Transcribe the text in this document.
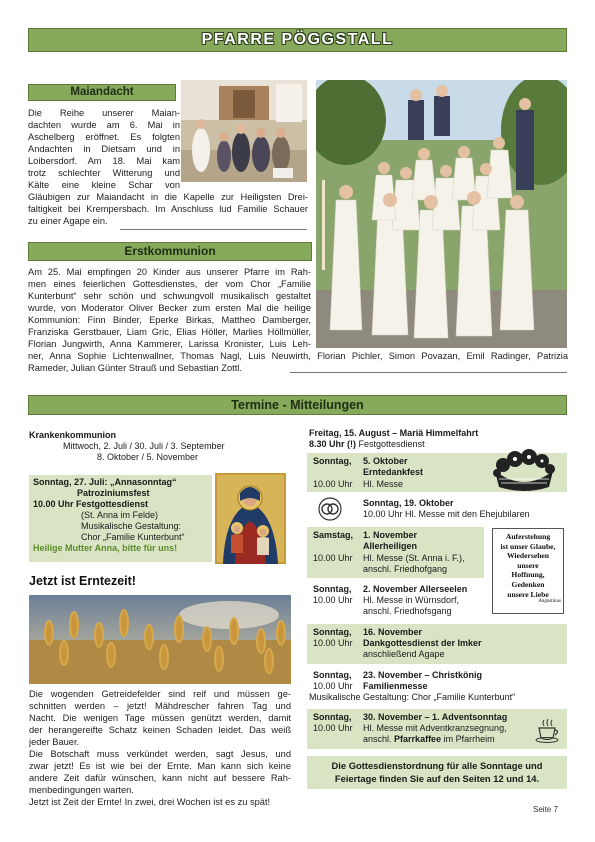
PFARRE PÖGGSTALL
Maiandacht
Die Reihe unserer Maian-
dachten wurde am 6. Mai in
Aschelberg eröffnet. Es folgten
Andachten in Dietsam und in
Loibersdorf. Am 18. Mai kam
trotz schlechter Witterung und
Kälte eine kleine Schar von
Gläubigen zur Maiandacht in die Kapelle zur Heiligsten Drei-
faltigkeit bei Krempersbach. Im Anschluss lud Familie Schauer
zu einer Agape ein.
Erstkommunion
Am 25. Mai empfingen 20 Kinder aus unserer Pfarre im Rah-
men eines feierlichen Gottesdienstes, der vom Chor „Familie
Kunterbunt“ sehr schön und schwungvoll musikalisch gestaltet
wurde, von Moderator Oliver Becker zum ersten Mal die heilige
Kommunion: Finn Binder, Eperke Birkas, Mattheo Damberger,
Franziska Gerstbauer, Liam Gric, Elias Höller, Marlies Höllmüller,
Florian Jungwirth, Anna Kammerer, Larissa Kronister, Luis Leh-
ner, Anna Sophie Lichtenwallner, Thomas Nagl, Luis Neuwirth, Florian Pichler, Simon Povazan, Emil Radinger, Patrizia
Rameder, Julian Günter Strauß und Sebastian Zottl.
Termine - Mitteilungen
Krankenkommunion
Mittwoch, 2. Juli / 30. Juli / 3. September
8. Oktober / 5. November
Sonntag, 27. Juli: „Annasonntag“
Patroziniumsfest
10.00 Uhr Festgottesdienst
(St. Anna im Felde)
Musikalische Gestaltung:
Chor „Familie Kunterbunt“
Heilige Mutter Anna, bitte für uns!
Jetzt ist Erntezeit!
Die wogenden Getreidefelder sind reif und müssen ge-
schnitten werden – jetzt! Mähdrescher fahren Tag und
Nacht. Die wenigen Tage müssen genützt werden, damit
der herangereifte Schatz keinen Schaden leidet. Das weiß
jeder Bauer.
Die Botschaft muss verkündet werden, sagt Jesus, und
zwar jetzt! Es ist wie bei der Ernte. Man kann sich keine
andere Zeit dafür wünschen, kann nicht auf bessere Rah-
menbedingungen warten.
Jetzt ist Zeit der Ernte! In zwei, drei Wochen ist es zu spät!
Freitag, 15. August – Mariä Himmelfahrt
8.30 Uhr (!) Festgottesdienst
Sonntag, 5. Oktober
Erntedankfest
10.00 Uhr Hl. Messe
Sonntag, 19. Oktober
10.00 Uhr Hl. Messe mit den Ehejubilaren
Samstag, 1. November
Allerheiligen
10.00 Uhr Hl. Messe (St. Anna i. F.),
anschl. Friedhofgang
Auferstehung
ist unser Glaube,
Wiedersehen
unsere
Hoffnung,
Gedenken
unsere Liebe
Augustinus
Sonntag, 2. November Allerseelen
10.00 Uhr Hl. Messe in Würnsdorf,
anschl. Friedhofsgang
Sonntag, 16. November
10.00 Uhr Dankgottesdienst der Imker
anschließend Agape
Sonntag, 23. November – Christkönig
10.00 Uhr Familienmesse
Musikalische Gestaltung: Chor „Familie Kunterbunt“
Sonntag, 30. November – 1. Adventsonntag
10.00 Uhr Hl. Messe mit Adventkranzsegnung,
anschl. Pfarrkaffee im Pfarrheim
Die Gottesdienstordnung für alle Sonntage und
Feiertage finden Sie auf den Seiten 12 und 14.
Seite 7
